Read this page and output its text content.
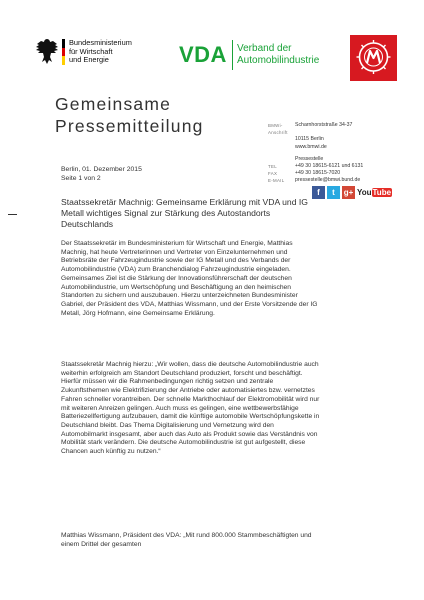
Bundesministerium
für Wirtschaft
und Energie	VDA Verband der
Automobilindustrie
Gemeinsame
Pressemitteilung	BMWi-Anschrift
Scharnhorststraße 34-37
10115 Berlin
www.bmwi.de
Pressestelle
TEL	+49 30 18615-6121 und 6131
FAX	+49 30 18615-7020
E-MAIL pressestelle@bmwi.bund.de
f	t	g+ YouTube
Berlin, 01. Dezember 2015
Seite 1 von 2
Staatssekretär Machnig: Gemeinsame Erklärung mit VDA und IG Metall wichtiges Signal zur Stärkung des Autostandorts Deutschlands
Der Staatssekretär im Bundesministerium für Wirtschaft und Energie, Matthias Machnig, hat heute Vertreterinnen und Vertreter von Einzelunternehmen und Betriebsräte der Fahrzeugindustrie sowie der IG Metall und des Verbands der Automobilindustrie (VDA) zum Branchendialog Fahrzeugindustrie eingeladen. Gemeinsames Ziel ist die Stärkung der Innovationsführerschaft der deutschen Automobilindustrie, um Wertschöpfung und Beschäftigung an den heimischen Standorten zu sichern und auszubauen. Hierzu unterzeichneten Bundesminister Gabriel, der Präsident des VDA, Matthias Wissmann, und der Erste Vorsitzende der IG Metall, Jörg Hofmann, eine Gemeinsame Erklärung.
Staatssekretär Machnig hierzu: „Wir wollen, dass die deutsche Automobilindustrie auch weiterhin erfolgreich am Standort Deutschland produziert, forscht und beschäftigt. Hierfür müssen wir die Rahmenbedingungen richtig setzen und zentrale Zukunftsthemen wie Elektrifizierung der Antriebe oder automatisiertes bzw. vernetztes Fahren schneller vorantreiben. Der schnelle Markthochlauf der Elektromobilität wird nur mit weiteren Anreizen gelingen. Auch muss es gelingen, eine wettbewerbsfähige Batteriezellfertigung aufzubauen, damit die künftige automobile Wertschöpfungskette in Deutschland bleibt. Das Thema Digitalisierung und Vernetzung wird den Automobilmarkt insgesamt, aber auch das Auto als Produkt sowie das Verständnis von Mobilität stark verändern. Die deutsche Automobilindustrie ist gut aufgestellt, diese Chancen auch künftig zu nutzen.“
Matthias Wissmann, Präsident des VDA: „Mit rund 800.000 Stammbeschäftigten und einem Drittel der gesamten
